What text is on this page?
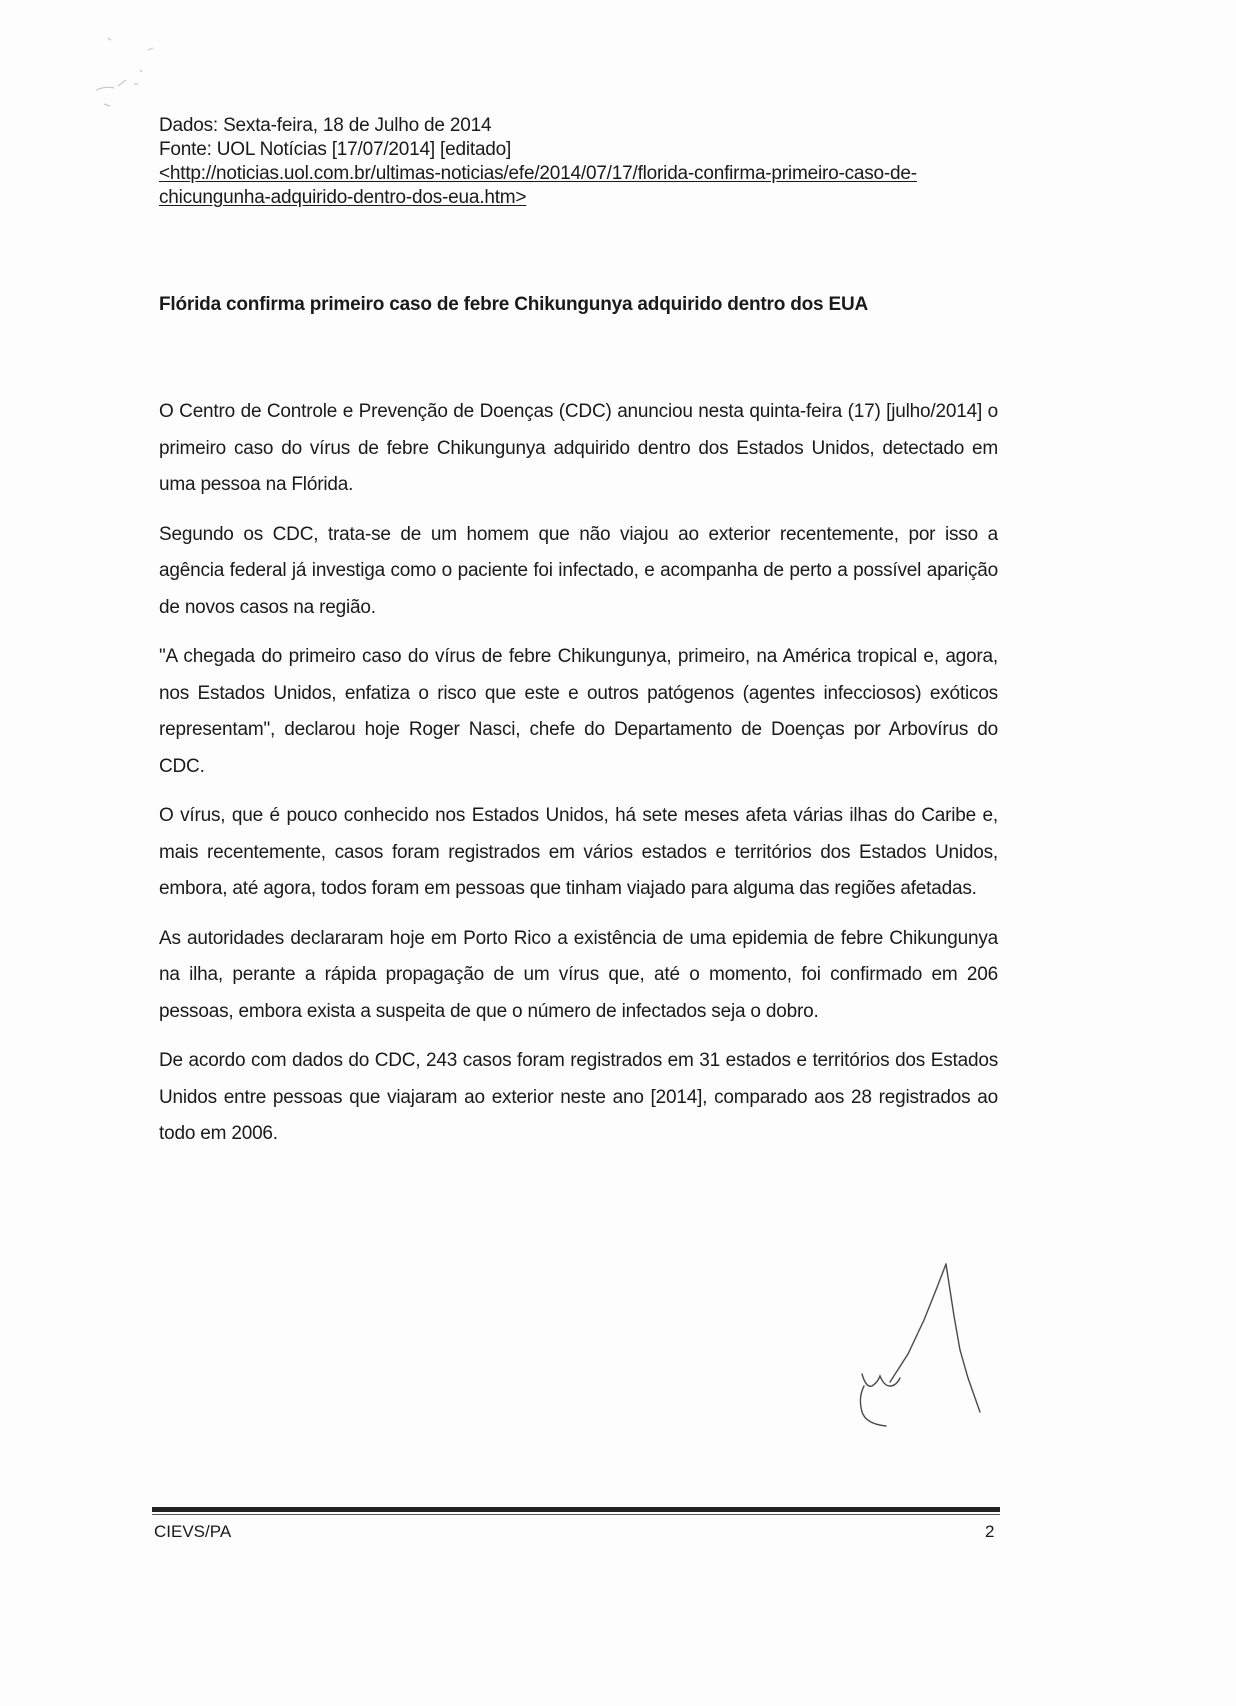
Dados: Sexta-feira, 18 de Julho de 2014
Fonte: UOL Notícias [17/07/2014] [editado]
<http://noticias.uol.com.br/ultimas-noticias/efe/2014/07/17/florida-confirma-primeiro-caso-de-
chicungunha-adquirido-dentro-dos-eua.htm>
Flórida confirma primeiro caso de febre Chikungunya adquirido dentro dos EUA

O Centro de Controle e Prevenção de Doenças (CDC) anunciou nesta quinta-feira (17) [julho/2014] o primeiro caso do vírus de febre Chikungunya adquirido dentro dos Estados Unidos, detectado em uma pessoa na Flórida.

Segundo os CDC, trata-se de um homem que não viajou ao exterior recentemente, por isso a agência federal já investiga como o paciente foi infectado, e acompanha de perto a possível aparição de novos casos na região.

"A chegada do primeiro caso do vírus de febre Chikungunya, primeiro, na América tropical e, agora, nos Estados Unidos, enfatiza o risco que este e outros patógenos (agentes infecciosos) exóticos representam", declarou hoje Roger Nasci, chefe do Departamento de Doenças por Arbovírus do CDC.

O vírus, que é pouco conhecido nos Estados Unidos, há sete meses afeta várias ilhas do Caribe e, mais recentemente, casos foram registrados em vários estados e territórios dos Estados Unidos, embora, até agora, todos foram em pessoas que tinham viajado para alguma das regiões afetadas.

As autoridades declararam hoje em Porto Rico a existência de uma epidemia de febre Chikungunya na ilha, perante a rápida propagação de um vírus que, até o momento, foi confirmado em 206 pessoas, embora exista a suspeita de que o número de infectados seja o dobro.

De acordo com dados do CDC, 243 casos foram registrados em 31 estados e territórios dos Estados Unidos entre pessoas que viajaram ao exterior neste ano [2014], comparado aos 28 registrados ao todo em 2006.

CIEVS/PA	2
